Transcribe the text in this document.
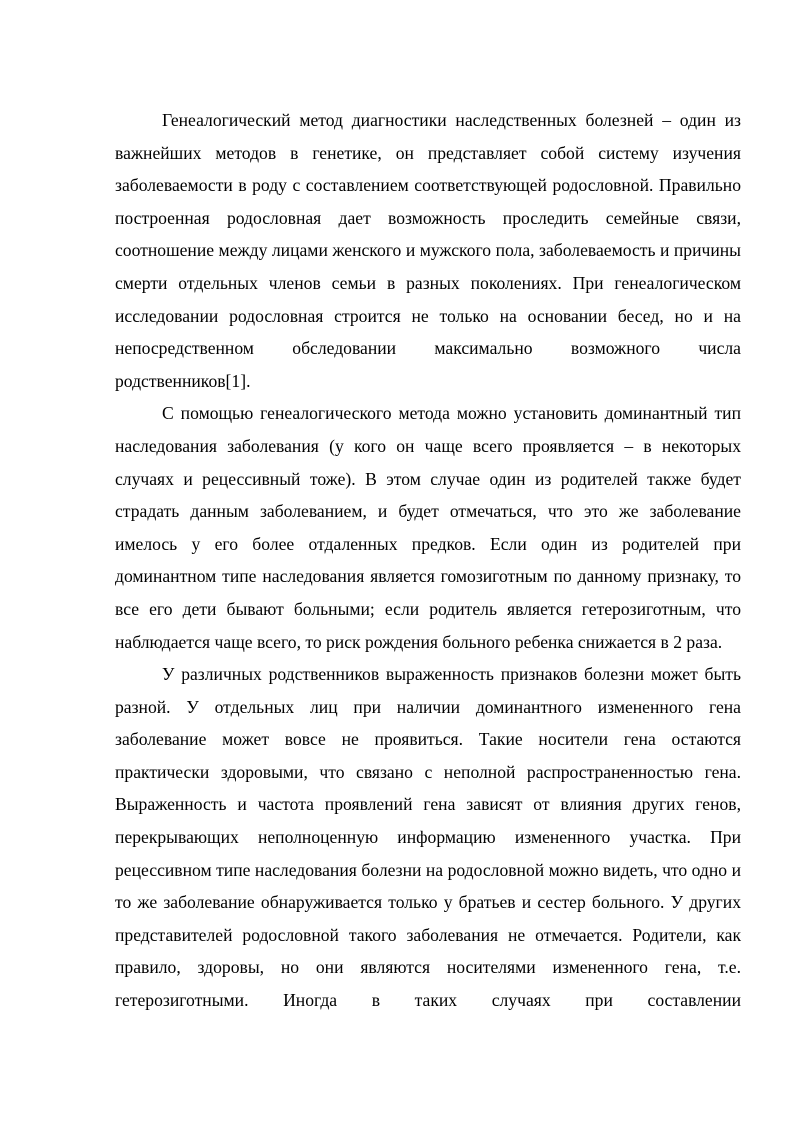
Генеалогический метод диагностики наследственных болезней – один из важнейших методов в генетике, он представляет собой систему изучения заболеваемости в роду с составлением соответствующей родословной. Правильно построенная родословная дает возможность проследить семейные связи, соотношение между лицами женского и мужского пола, заболеваемость и причины смерти отдельных членов семьи в разных поколениях. При генеалогическом исследовании родословная строится не только на основании бесед, но и на непосредственном обследовании максимально возможного числа родственников[1].

С помощью генеалогического метода можно установить доминантный тип наследования заболевания (у кого он чаще всего проявляется – в некоторых случаях и рецессивный тоже). В этом случае один из родителей также будет страдать данным заболеванием, и будет отмечаться, что это же заболевание имелось у его более отдаленных предков. Если один из родителей при доминантном типе наследования является гомозиготным по данному признаку, то все его дети бывают больными; если родитель является гетерозиготным, что наблюдается чаще всего, то риск рождения больного ребенка снижается в 2 раза.

У различных родственников выраженность признаков болезни может быть разной. У отдельных лиц при наличии доминантного измененного гена заболевание может вовсе не проявиться. Такие носители гена остаются практически здоровыми, что связано с неполной распространенностью гена. Выраженность и частота проявлений гена зависят от влияния других генов, перекрывающих неполноценную информацию измененного участка. При рецессивном типе наследования болезни на родословной можно видеть, что одно и то же заболевание обнаруживается только у братьев и сестер больного. У других представителей родословной такого заболевания не отмечается. Родители, как правило, здоровы, но они являются носителями измененного гена, т.е. гетерозиготными. Иногда в таких случаях при составлении
